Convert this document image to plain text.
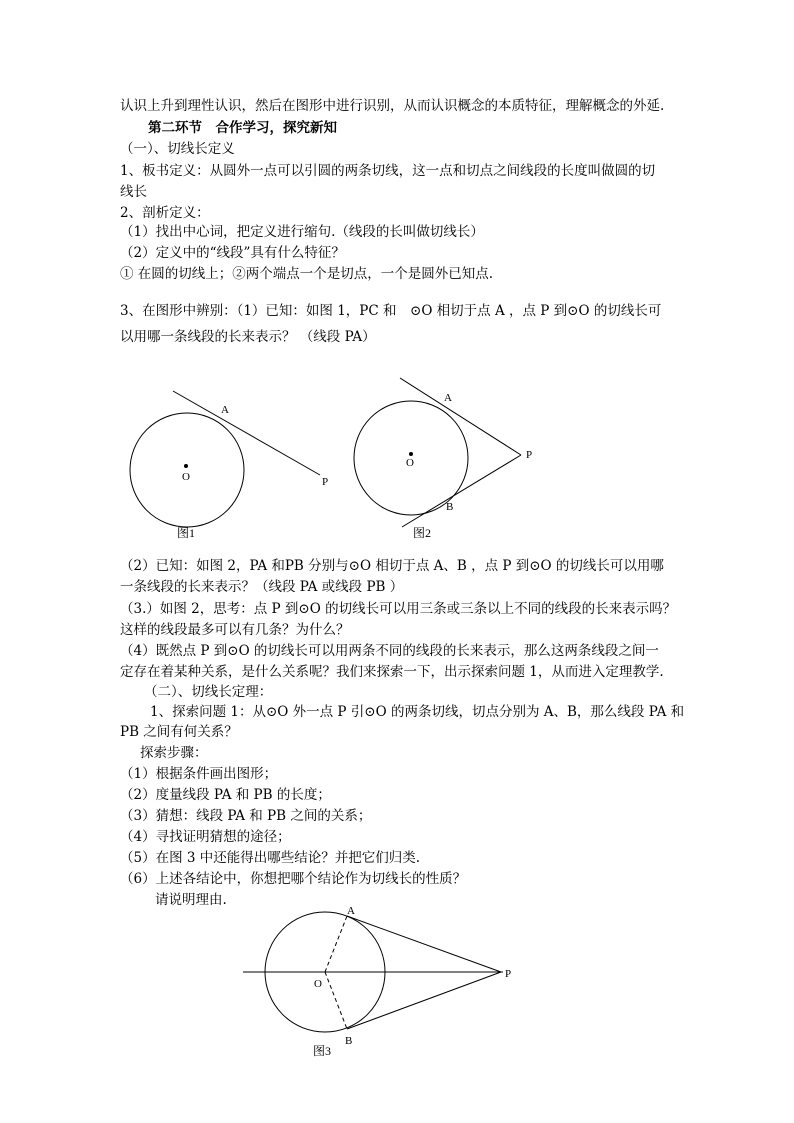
认识上升到理性认识，然后在图形中进行识别，从而认识概念的本质特征，理解概念的外延.
第二环节　合作学习，探究新知
（一）、切线长定义
1、板书定义：从圆外一点可以引圆的两条切线，这一点和切点之间线段的长度叫做圆的切
线长
2、剖析定义：
（1）找出中心词，把定义进行缩句.（线段的长叫做切线长）
（2）定义中的“线段”具有什么特征？
① 在圆的切线上；②两个端点一个是切点，一个是圆外已知点.
3、在图形中辨别：（1）已知：如图 1，PC 和　⊙O 相切于点 A ，点 P 到⊙O 的切线长可
以用哪一条线段的长来表示？ （线段 PA）
A
O	P
图1
A
O
P
B
图2
（2）已知：如图 2，PA 和PB 分别与⊙O 相切于点 A、B ，点 P 到⊙O 的切线长可以用哪
一条线段的长来表示？（线段 PA 或线段 PB ）
（3.）如图 2，思考：点 P 到⊙O 的切线长可以用三条或三条以上不同的线段的长来表示吗？
这样的线段最多可以有几条？为什么？
（4）既然点 P 到⊙O 的切线长可以用两条不同的线段的长来表示，那么这两条线段之间一
定存在着某种关系，是什么关系呢？我们来探索一下，出示探索问题 1，从而进入定理教学.
（二）、切线长定理：
1、探索问题 1：从⊙O 外一点 P 引⊙O 的两条切线，切点分别为 A、B，那么线段 PA 和
PB 之间有何关系？
探索步骤：
（1）根据条件画出图形；
（2）度量线段 PA 和 PB 的长度；
（3）猜想：线段 PA 和 PB 之间的关系；
（4）寻找证明猜想的途径；
（5）在图 3 中还能得出哪些结论？并把它们归类.
（6）上述各结论中，你想把哪个结论作为切线长的性质？
请说明理由.
A
O
P
B
图3
